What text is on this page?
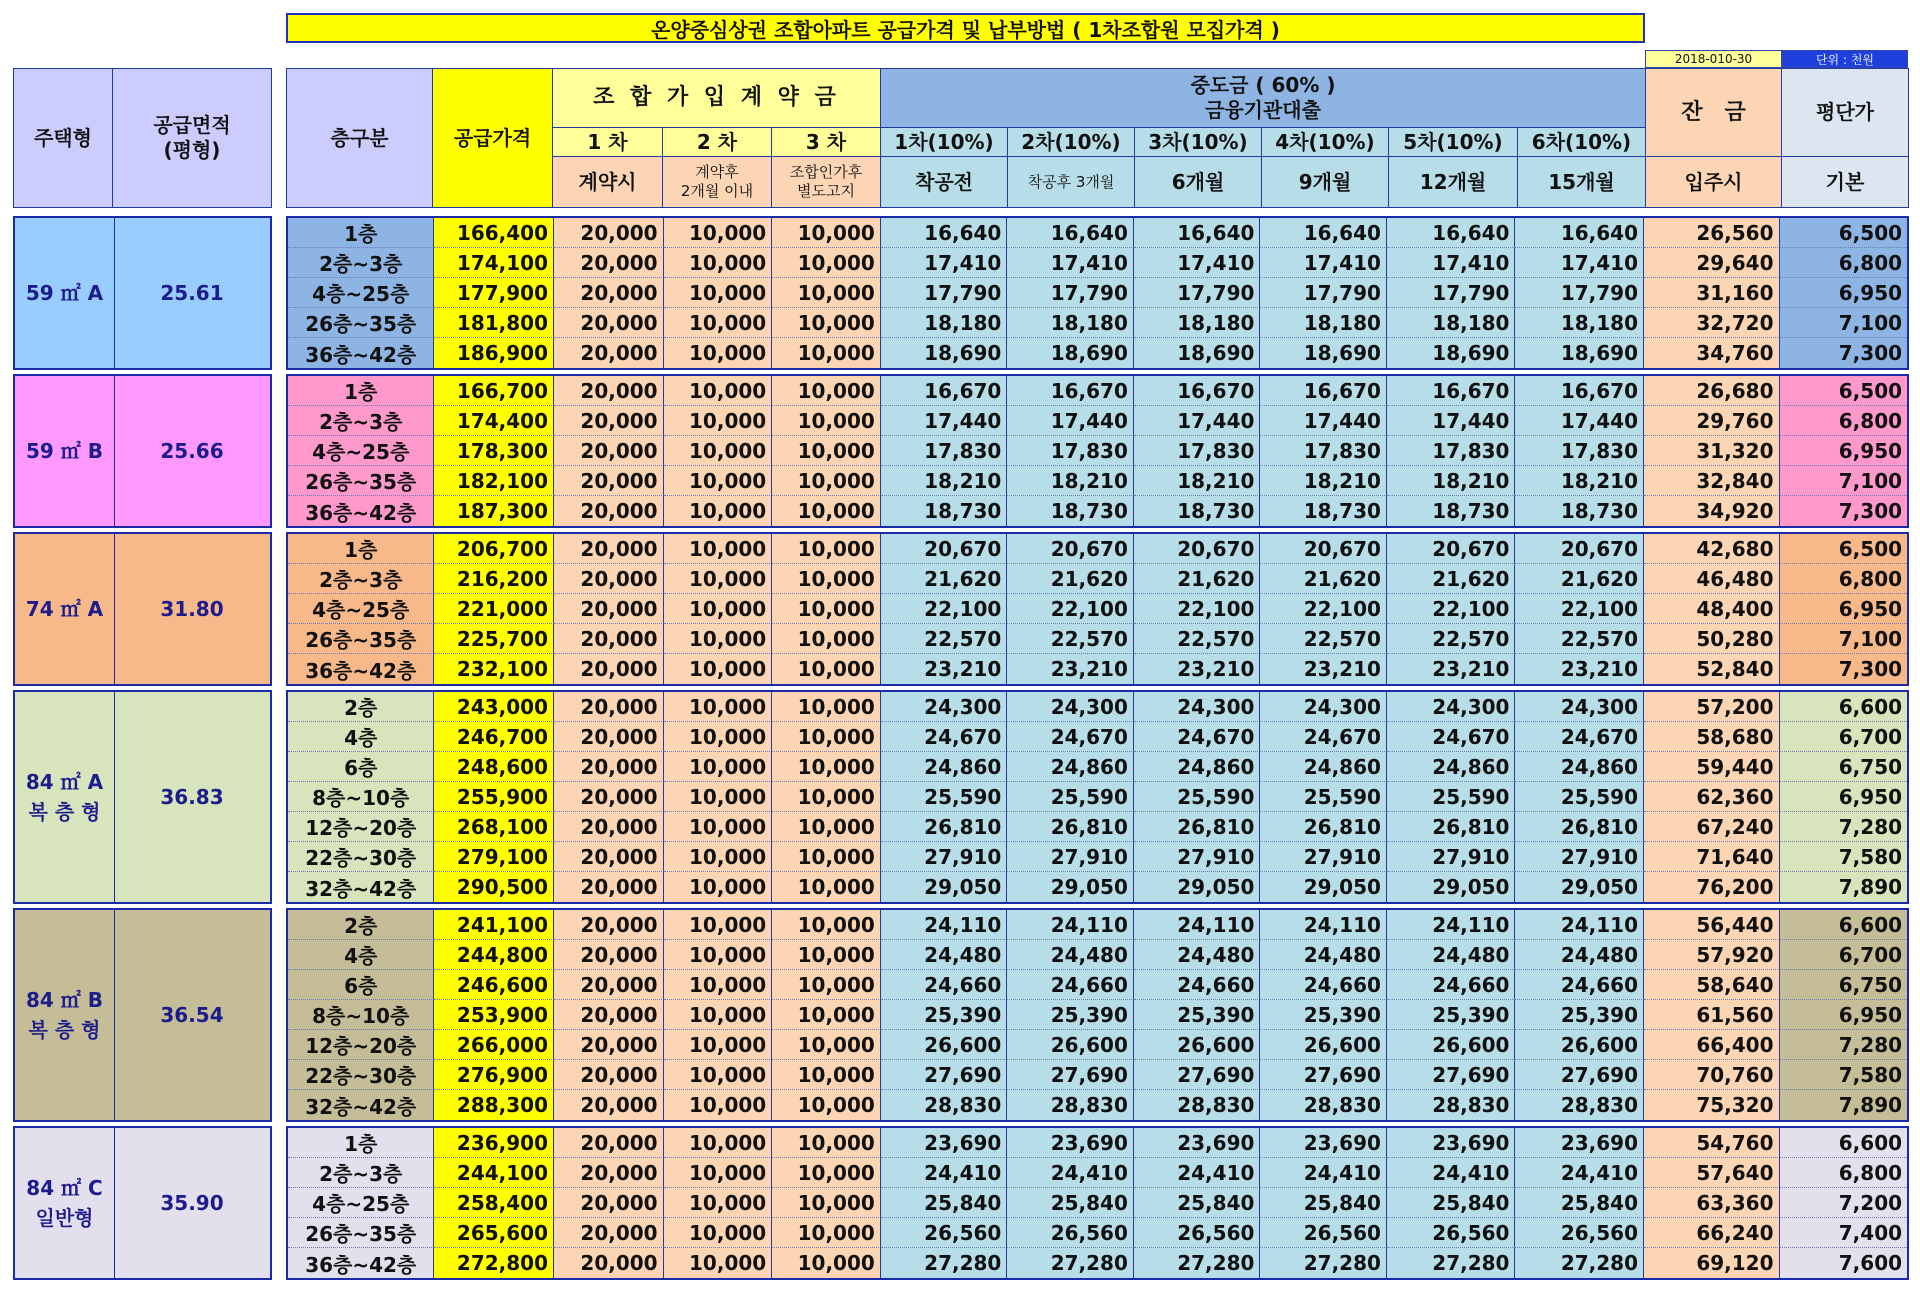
온양중심상권 조합아파트 공급가격 및 납부방법 ( 1차조합원 모집가격 )
2018-010-30	단위 : 천원
주택형
공급면적
(평형)
층구분	공급가격
조 합 가 입 계 약 금
1 차	2 차	3 차
계약시	계약후
2개월 이내
조합인가후
별도고지
중도금 ( 60% )
금융기관대출
1차(10%)	2차(10%)	3차(10%)	4차(10%)	5차(10%)	6차(10%)
착공전	착공후 3개월	6개월	9개월	12개월	15개월
잔　금
입주시
평단가
기본
59 ㎡ A	25.61
1층	166,400	20,000	10,000	10,000	16,640	16,640	16,640	16,640	16,640	16,640	26,560	6,500
2층~3층	174,100	20,000	10,000	10,000	17,410	17,410	17,410	17,410	17,410	17,410	29,640	6,800
4층~25층	177,900	20,000	10,000	10,000	17,790	17,790	17,790	17,790	17,790	17,790	31,160	6,950
26층~35층	181,800	20,000	10,000	10,000	18,180	18,180	18,180	18,180	18,180	18,180	32,720	7,100
36층~42층	186,900	20,000	10,000	10,000	18,690	18,690	18,690	18,690	18,690	18,690	34,760	7,300
59 ㎡ B	25.66
1층	166,700	20,000	10,000	10,000	16,670	16,670	16,670	16,670	16,670	16,670	26,680	6,500
2층~3층	174,400	20,000	10,000	10,000	17,440	17,440	17,440	17,440	17,440	17,440	29,760	6,800
4층~25층	178,300	20,000	10,000	10,000	17,830	17,830	17,830	17,830	17,830	17,830	31,320	6,950
26층~35층	182,100	20,000	10,000	10,000	18,210	18,210	18,210	18,210	18,210	18,210	32,840	7,100
36층~42층	187,300	20,000	10,000	10,000	18,730	18,730	18,730	18,730	18,730	18,730	34,920	7,300
74 ㎡ A	31.80
1층	206,700	20,000	10,000	10,000	20,670	20,670	20,670	20,670	20,670	20,670	42,680	6,500
2층~3층	216,200	20,000	10,000	10,000	21,620	21,620	21,620	21,620	21,620	21,620	46,480	6,800
4층~25층	221,000	20,000	10,000	10,000	22,100	22,100	22,100	22,100	22,100	22,100	48,400	6,950
26층~35층	225,700	20,000	10,000	10,000	22,570	22,570	22,570	22,570	22,570	22,570	50,280	7,100
36층~42층	232,100	20,000	10,000	10,000	23,210	23,210	23,210	23,210	23,210	23,210	52,840	7,300
84 ㎡ A
복 층 형
36.83
2층	243,000	20,000	10,000	10,000	24,300	24,300	24,300	24,300	24,300	24,300	57,200	6,600
4층	246,700	20,000	10,000	10,000	24,670	24,670	24,670	24,670	24,670	24,670	58,680	6,700
6층	248,600	20,000	10,000	10,000	24,860	24,860	24,860	24,860	24,860	24,860	59,440	6,750
8층~10층	255,900	20,000	10,000	10,000	25,590	25,590	25,590	25,590	25,590	25,590	62,360	6,950
12층~20층	268,100	20,000	10,000	10,000	26,810	26,810	26,810	26,810	26,810	26,810	67,240	7,280
22층~30층	279,100	20,000	10,000	10,000	27,910	27,910	27,910	27,910	27,910	27,910	71,640	7,580
32층~42층	290,500	20,000	10,000	10,000	29,050	29,050	29,050	29,050	29,050	29,050	76,200	7,890
84 ㎡ B
복 층 형
36.54
2층	241,100	20,000	10,000	10,000	24,110	24,110	24,110	24,110	24,110	24,110	56,440	6,600
4층	244,800	20,000	10,000	10,000	24,480	24,480	24,480	24,480	24,480	24,480	57,920	6,700
6층	246,600	20,000	10,000	10,000	24,660	24,660	24,660	24,660	24,660	24,660	58,640	6,750
8층~10층	253,900	20,000	10,000	10,000	25,390	25,390	25,390	25,390	25,390	25,390	61,560	6,950
12층~20층	266,000	20,000	10,000	10,000	26,600	26,600	26,600	26,600	26,600	26,600	66,400	7,280
22층~30층	276,900	20,000	10,000	10,000	27,690	27,690	27,690	27,690	27,690	27,690	70,760	7,580
32층~42층	288,300	20,000	10,000	10,000	28,830	28,830	28,830	28,830	28,830	28,830	75,320	7,890
84 ㎡ C
일반형
35.90
1층	236,900	20,000	10,000	10,000	23,690	23,690	23,690	23,690	23,690	23,690	54,760	6,600
2층~3층	244,100	20,000	10,000	10,000	24,410	24,410	24,410	24,410	24,410	24,410	57,640	6,800
4층~25층	258,400	20,000	10,000	10,000	25,840	25,840	25,840	25,840	25,840	25,840	63,360	7,200
26층~35층	265,600	20,000	10,000	10,000	26,560	26,560	26,560	26,560	26,560	26,560	66,240	7,400
36층~42층	272,800	20,000	10,000	10,000	27,280	27,280	27,280	27,280	27,280	27,280	69,120	7,600
